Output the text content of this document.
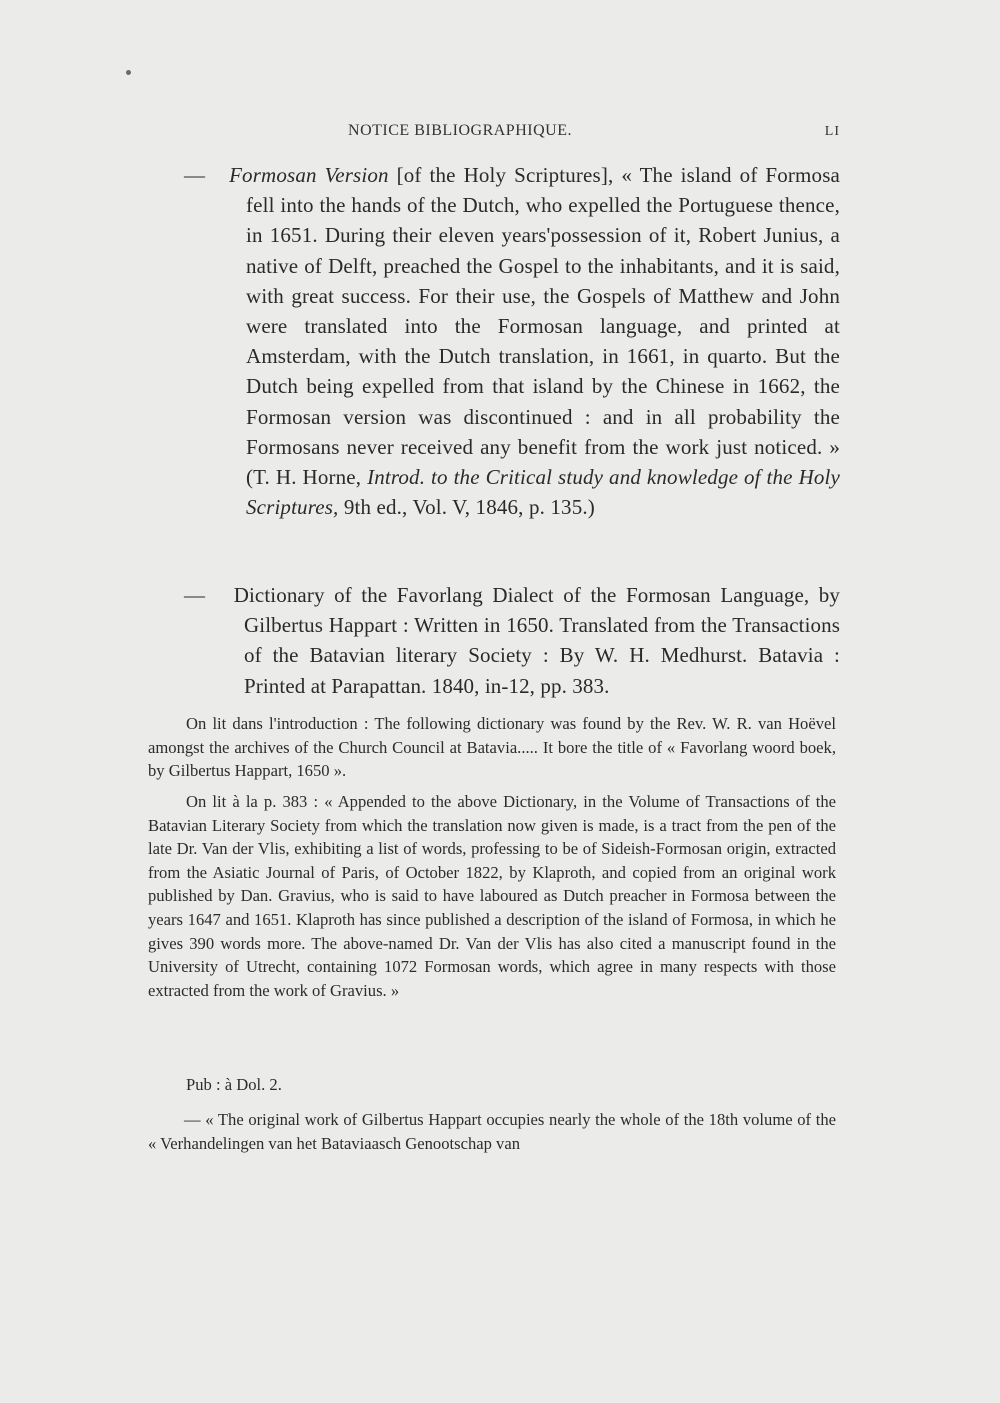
NOTICE BIBLIOGRAPHIQUE.	LI

— Formosan Version [of the Holy Scriptures], « The island of Formosa fell into the hands of the Dutch, who expelled the Portuguese thence, in 1651. During their eleven years'possession of it, Robert Junius, a native of Delft, preached the Gospel to the inhabitants, and it is said, with great success. For their use, the Gospels of Matthew and John were translated into the Formosan language, and printed at Amsterdam, with the Dutch translation, in 1661, in quarto. But the Dutch being expelled from that island by the Chinese in 1662, the Formosan version was discontinued : and in all probability the Formosans never received any benefit from the work just noticed. » (T. H. Horne, Introd. to the Critical study and knowledge of the Holy Scriptures, 9th ed., Vol. V, 1846, p. 135.)

— Dictionary of the Favorlang Dialect of the Formosan Language, by Gilbertus Happart : Written in 1650. Translated from the Transactions of the Batavian literary Society : By W. H. Medhurst. Batavia : Printed at Parapattan. 1840, in-12, pp. 383.

On lit dans l'introduction : The following dictionary was found by the Rev. W. R. van Hoëvel amongst the archives of the Church Council at Batavia..... It bore the title of « Favorlang woord boek, by Gilbertus Happart, 1650 ».

On lit à la p. 383 : « Appended to the above Dictionary, in the Volume of Transactions of the Batavian Literary Society from which the translation now given is made, is a tract from the pen of the late Dr. Van der Vlis, exhibiting a list of words, professing to be of Sideish-Formosan origin, extracted from the Asiatic Journal of Paris, of October 1822, by Klaproth, and copied from an original work published by Dan. Gravius, who is said to have laboured as Dutch preacher in Formosa between the years 1647 and 1651. Klaproth has since published a description of the island of Formosa, in which he gives 390 words more. The above-named Dr. Van der Vlis has also cited a manuscript found in the University of Utrecht, containing 1072 Formosan words, which agree in many respects with those extracted from the work of Gravius. »

Pub : à Dol. 2.

— « The original work of Gilbertus Happart occupies nearly the whole of the 18th volume of the « Verhandelingen van het Bataviaasch Genootschap van
